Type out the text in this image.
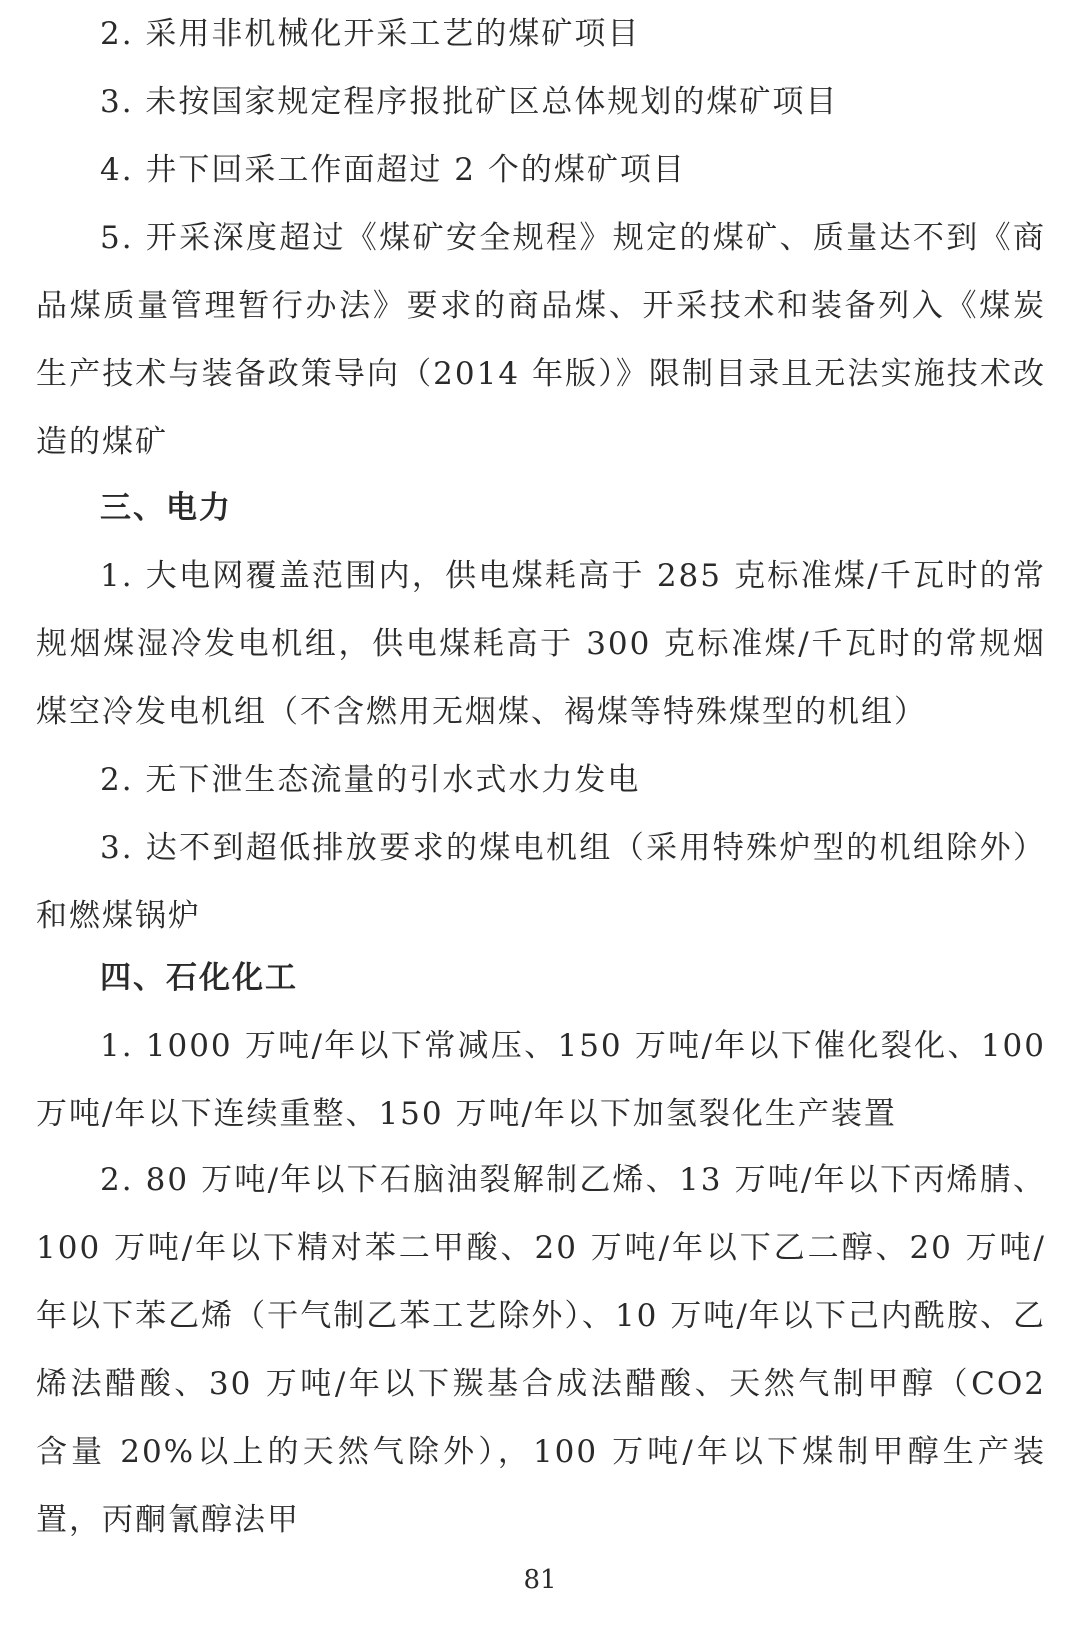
2. 采用非机械化开采工艺的煤矿项目

3. 未按国家规定程序报批矿区总体规划的煤矿项目

4. 井下回采工作面超过 2 个的煤矿项目

5. 开采深度超过《煤矿安全规程》规定的煤矿、质量达不到《商品煤质量管理暂行办法》要求的商品煤、开采技术和装备列入《煤炭生产技术与装备政策导向（2014 年版）》限制目录且无法实施技术改造的煤矿

三、电力

1. 大电网覆盖范围内，供电煤耗高于 285 克标准煤/千瓦时的常规烟煤湿冷发电机组，供电煤耗高于 300 克标准煤/千瓦时的常规烟煤空冷发电机组（不含燃用无烟煤、褐煤等特殊煤型的机组）

2. 无下泄生态流量的引水式水力发电

3. 达不到超低排放要求的煤电机组（采用特殊炉型的机组除外）和燃煤锅炉

四、石化化工

1. 1000 万吨/年以下常减压、150 万吨/年以下催化裂化、100 万吨/年以下连续重整、150 万吨/年以下加氢裂化生产装置

2. 80 万吨/年以下石脑油裂解制乙烯、13 万吨/年以下丙烯腈、100 万吨/年以下精对苯二甲酸、20 万吨/年以下乙二醇、20 万吨/年以下苯乙烯（干气制乙苯工艺除外）、10 万吨/年以下己内酰胺、乙烯法醋酸、30 万吨/年以下羰基合成法醋酸、天然气制甲醇（CO2 含量 20%以上的天然气除外），100 万吨/年以下煤制甲醇生产装置，丙酮氰醇法甲

81
